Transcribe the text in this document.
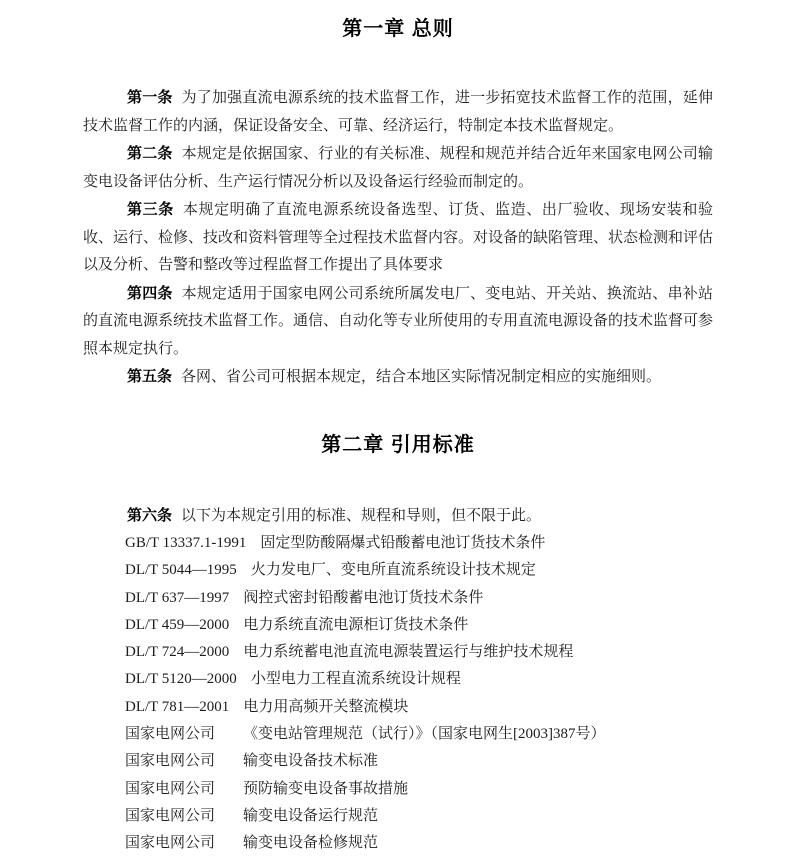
第一章 总则

第一条 为了加强直流电源系统的技术监督工作，进一步拓宽技术监督工作的范围，延伸技术监督工作的内涵，保证设备安全、可靠、经济运行，特制定本技术监督规定。

第二条 本规定是依据国家、行业的有关标准、规程和规范并结合近年来国家电网公司输变电设备评估分析、生产运行情况分析以及设备运行经验而制定的。

第三条 本规定明确了直流电源系统设备选型、订货、监造、出厂验收、现场安装和验收、运行、检修、技改和资料管理等全过程技术监督内容。对设备的缺陷管理、状态检测和评估以及分析、告警和整改等过程监督工作提出了具体要求

第四条 本规定适用于国家电网公司系统所属发电厂、变电站、开关站、换流站、串补站的直流电源系统技术监督工作。通信、自动化等专业所使用的专用直流电源设备的技术监督可参照本规定执行。

第五条 各网、省公司可根据本规定，结合本地区实际情况制定相应的实施细则。

第二章 引用标准

第六条 以下为本规定引用的标准、规程和导则，但不限于此。

GB/T 13337.1-1991 固定型防酸隔爆式铅酸蓄电池订货技术条件
DL/T 5044—1995 火力发电厂、变电所直流系统设计技术规定
DL/T 637—1997 阀控式密封铅酸蓄电池订货技术条件
DL/T 459—2000 电力系统直流电源柜订货技术条件
DL/T 724—2000 电力系统蓄电池直流电源装置运行与维护技术规程
DL/T 5120—2000 小型电力工程直流系统设计规程
DL/T 781—2001 电力用高频开关整流模块
国家电网公司 《变电站管理规范（试行）》（国家电网生[2003]387号）
国家电网公司 输变电设备技术标准
国家电网公司 预防输变电设备事故措施
国家电网公司 输变电设备运行规范
国家电网公司 输变电设备检修规范
